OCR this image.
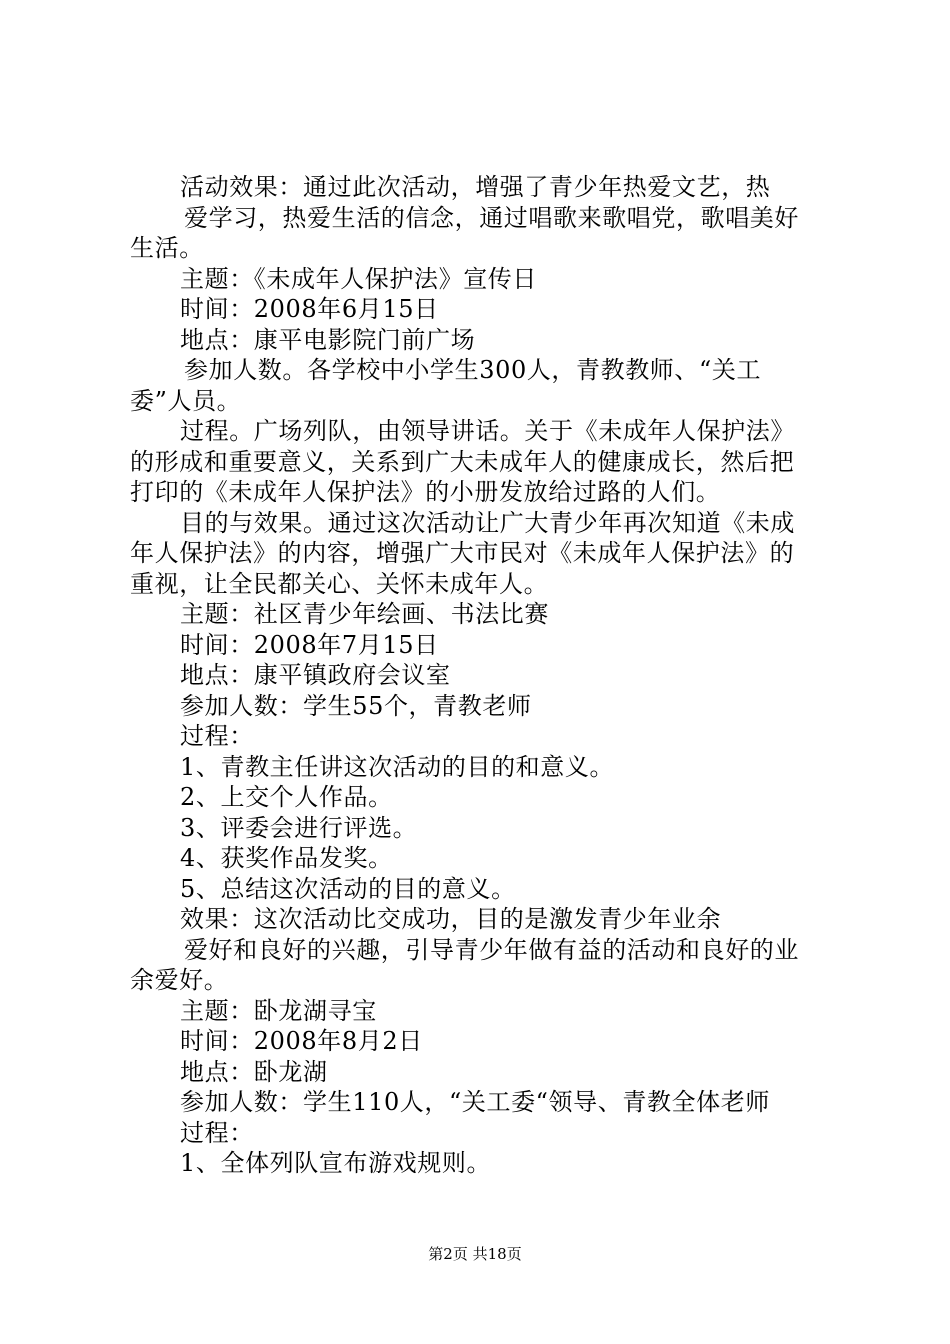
活动效果：通过此次活动，增强了青少年热爱文艺，热
爱学习，热爱生活的信念，通过唱歌来歌唱党，歌唱美好
生活。
主题：《未成年人保护法》宣传日
时间：2008年6月15日
地点：康平电影院门前广场
参加人数。各学校中小学生300人，青教教师、“关工
委”人员。
过程。广场列队，由领导讲话。关于《未成年人保护法》
的形成和重要意义，关系到广大未成年人的健康成长，然后把
打印的《未成年人保护法》的小册发放给过路的人们。
目的与效果。通过这次活动让广大青少年再次知道《未成
年人保护法》的内容，增强广大市民对《未成年人保护法》的
重视，让全民都关心、关怀未成年人。
主题：社区青少年绘画、书法比赛
时间：2008年7月15日
地点：康平镇政府会议室
参加人数：学生55个，青教老师
过程：
1、青教主任讲这次活动的目的和意义。
2、上交个人作品。
3、评委会进行评选。
4、获奖作品发奖。
5、总结这次活动的目的意义。
效果：这次活动比交成功，目的是激发青少年业余
爱好和良好的兴趣，引导青少年做有益的活动和良好的业
余爱好。
主题：卧龙湖寻宝
时间：2008年8月2日
地点：卧龙湖
参加人数：学生110人，“关工委“领导、青教全体老师
过程：
1、全体列队宣布游戏规则。
第2页 共18页
